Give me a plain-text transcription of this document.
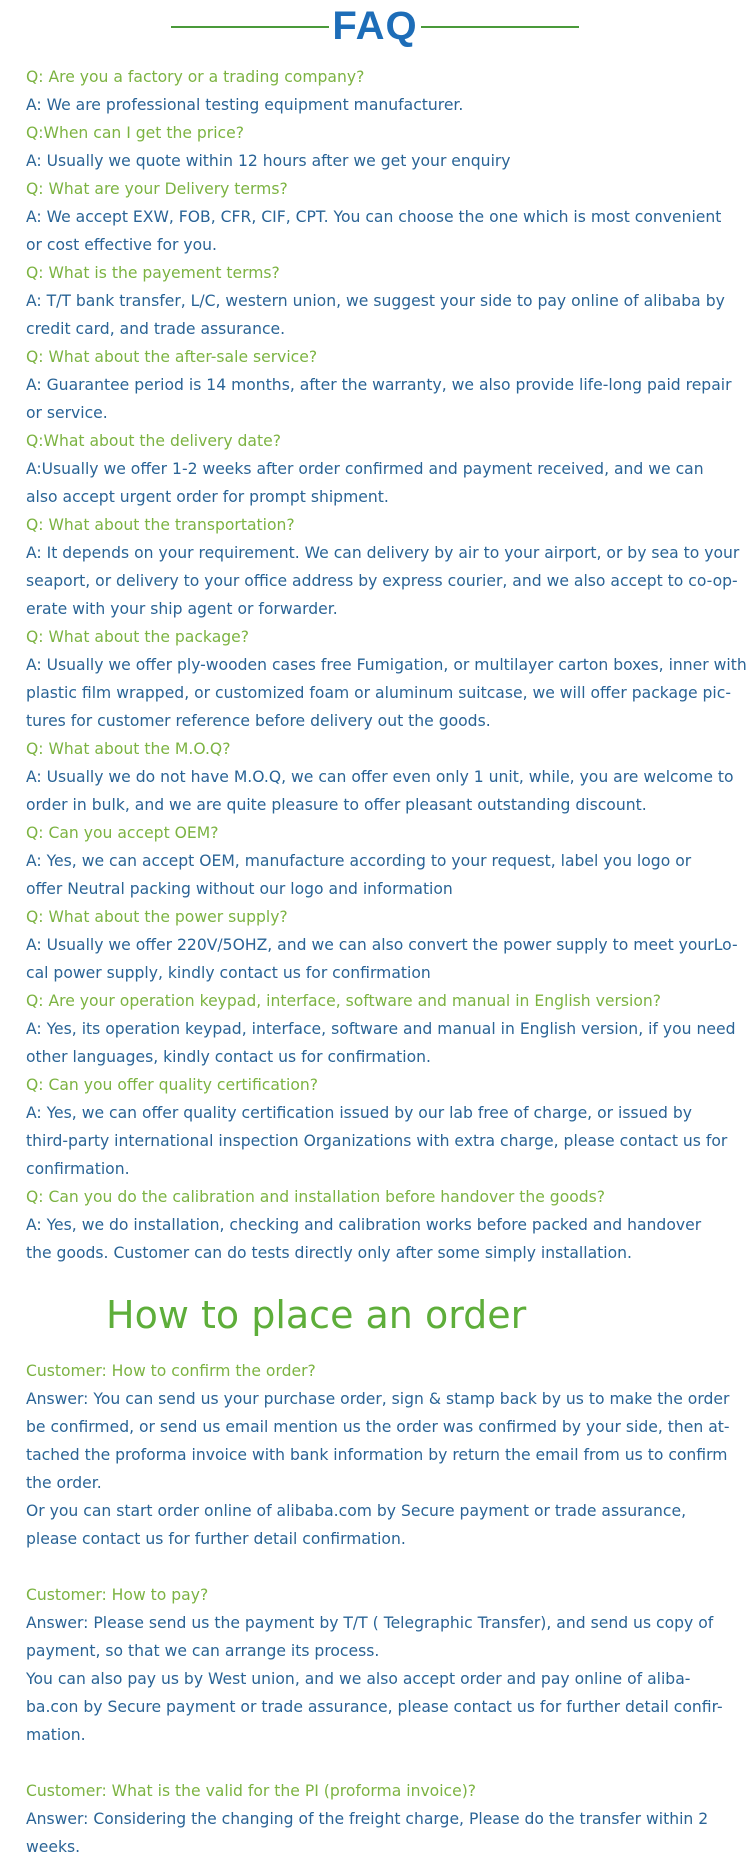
FAQ
Q: Are you a factory or a trading company?
A: We are professional testing equipment manufacturer.
Q:When can I get the price?
A: Usually we quote within 12 hours after we get your enquiry
Q: What are your Delivery terms?
A: We accept EXW, FOB, CFR, CIF, CPT. You can choose the one which is most convenient
or cost effective for you.
Q: What is the payement terms?
A: T/T bank transfer, L/C, western union, we suggest your side to pay online of alibaba by
credit card, and trade assurance.
Q: What about the after-sale service?
A: Guarantee period is 14 months, after the warranty, we also provide life-long paid repair
or service.
Q:What about the delivery date?
A:Usually we offer 1-2 weeks after order confirmed and payment received, and we can
also accept urgent order for prompt shipment.
Q: What about the transportation?
A: It depends on your requirement. We can delivery by air to your airport, or by sea to your
seaport, or delivery to your office address by express courier, and we also accept to co-op-
erate with your ship agent or forwarder.
Q: What about the package?
A: Usually we offer ply-wooden cases free Fumigation, or multilayer carton boxes, inner with
plastic film wrapped, or customized foam or aluminum suitcase, we will offer package pic-
tures for customer reference before delivery out the goods.
Q: What about the M.O.Q?
A: Usually we do not have M.O.Q, we can offer even only 1 unit, while, you are welcome to
order in bulk, and we are quite pleasure to offer pleasant outstanding discount.
Q: Can you accept OEM?
A: Yes, we can accept OEM, manufacture according to your request, label you logo or
offer Neutral packing without our logo and information
Q: What about the power supply?
A: Usually we offer 220V/5OHZ, and we can also convert the power supply to meet yourLo-
cal power supply, kindly contact us for confirmation
Q: Are your operation keypad, interface, software and manual in English version?
A: Yes, its operation keypad, interface, software and manual in English version, if you need
other languages, kindly contact us for confirmation.
Q: Can you offer quality certification?
A: Yes, we can offer quality certification issued by our lab free of charge, or issued by
third-party international inspection Organizations with extra charge, please contact us for
confirmation.
Q: Can you do the calibration and installation before handover the goods?
A: Yes, we do installation, checking and calibration works before packed and handover
the goods. Customer can do tests directly only after some simply installation.
How to place an order
Customer: How to confirm the order?
Answer: You can send us your purchase order, sign & stamp back by us to make the order
be confirmed, or send us email mention us the order was confirmed by your side, then at-
tached the proforma invoice with bank information by return the email from us to confirm
the order.
Or you can start order online of alibaba.com by Secure payment or trade assurance,
please contact us for further detail confirmation.
Customer: How to pay?
Answer: Please send us the payment by T/T ( Telegraphic Transfer), and send us copy of
payment, so that we can arrange its process.
You can also pay us by West union, and we also accept order and pay online of aliba-
ba.con by Secure payment or trade assurance, please contact us for further detail confir-
mation.
Customer: What is the valid for the PI (proforma invoice)?
Answer: Considering the changing of the freight charge, Please do the transfer within 2
weeks.
